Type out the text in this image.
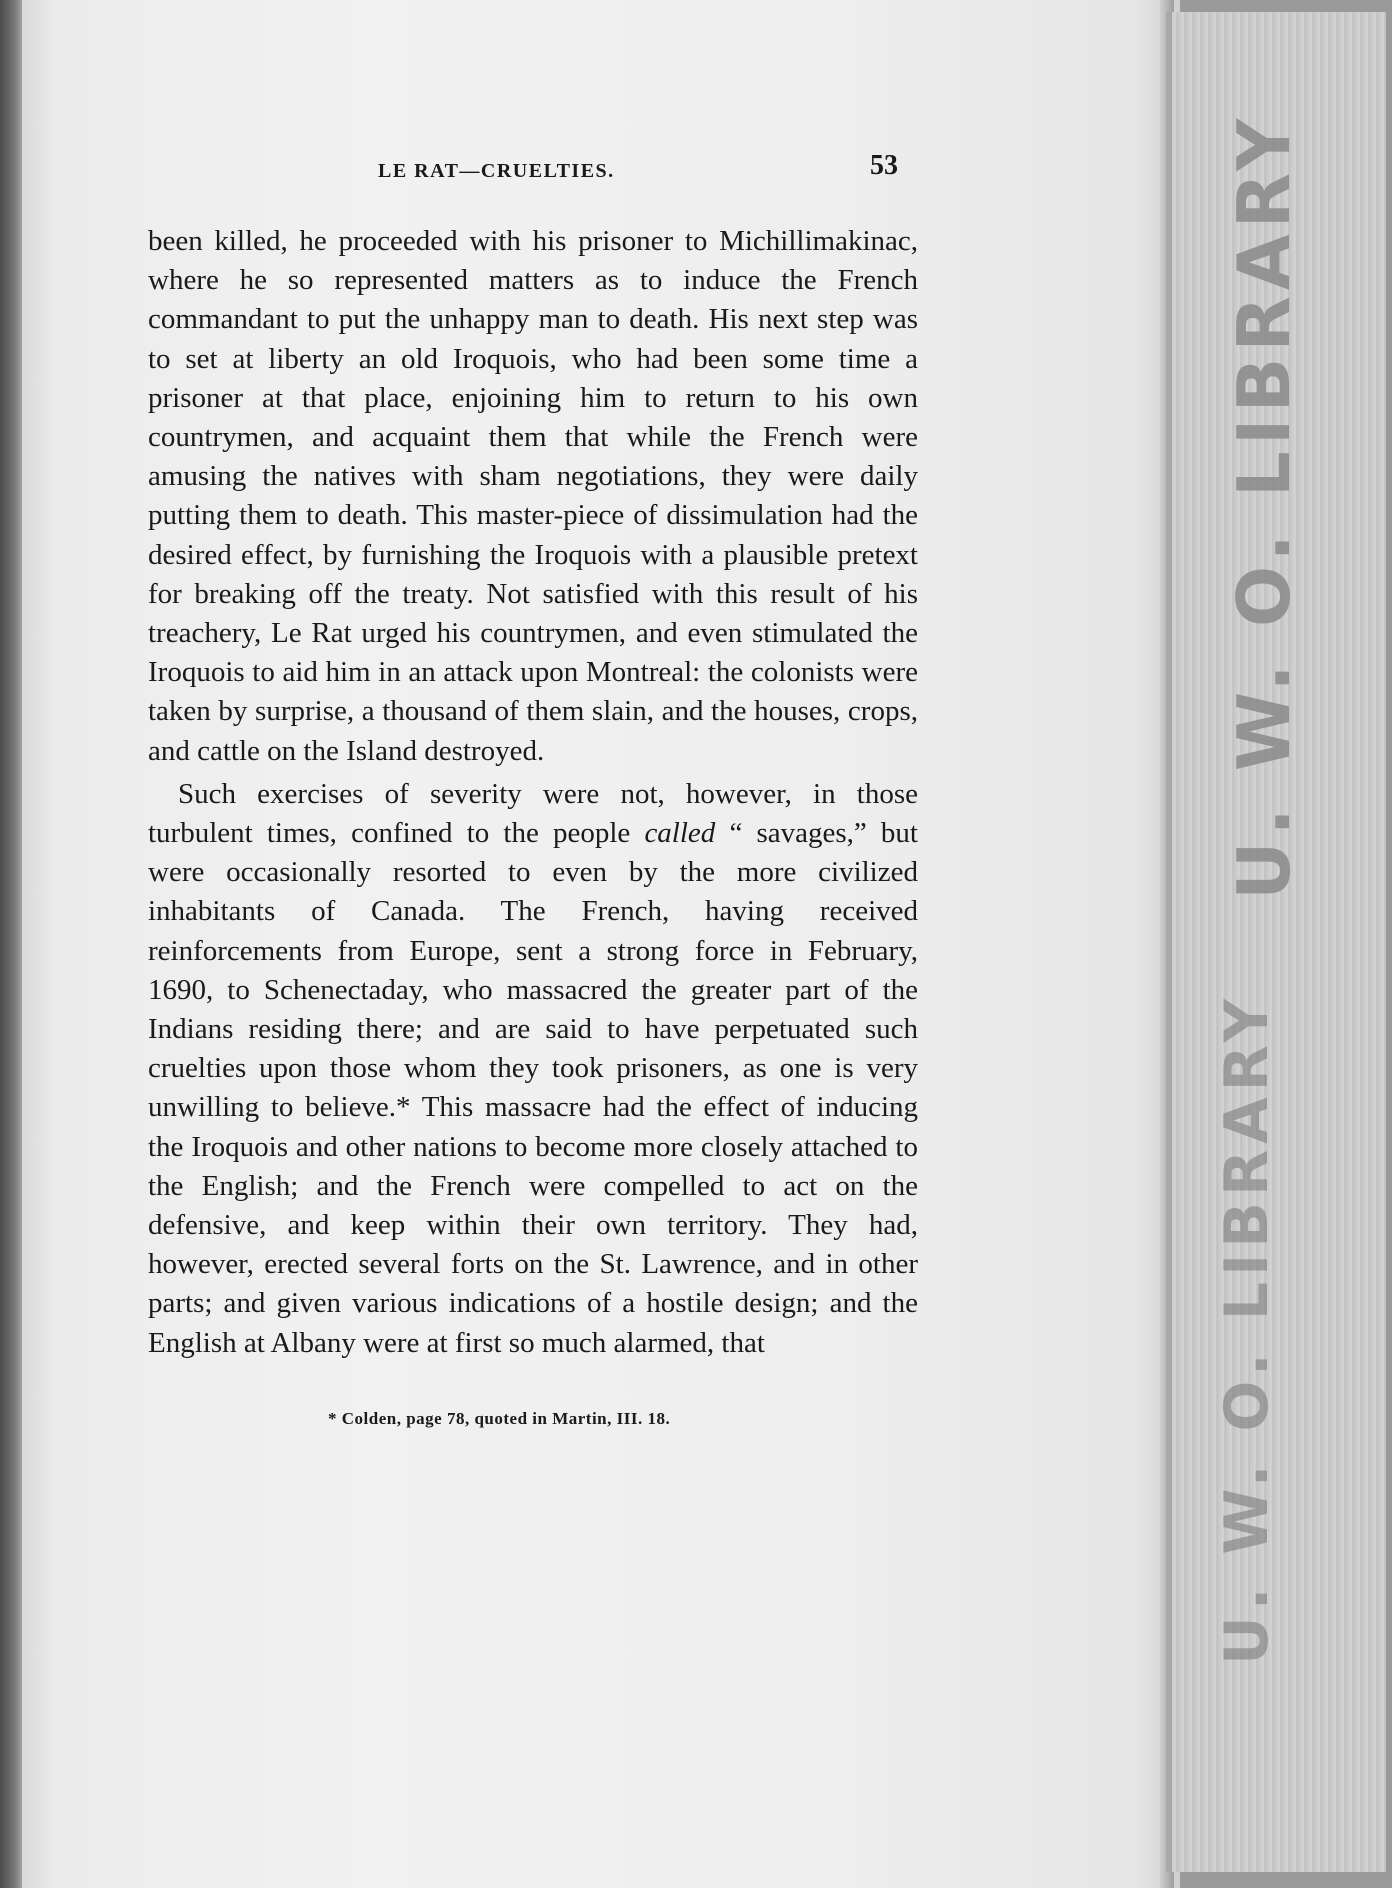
U. W. O. LIBRARY
U. W. O. LIBRARY
LE RAT—CRUELTIES.	53

been killed, he proceeded with his prisoner to Michillimakinac, where he so represented matters as to induce the French commandant to put the unhappy man to death. His next step was to set at liberty an old Iroquois, who had been some time a prisoner at that place, enjoining him to return to his own countrymen, and acquaint them that while the French were amusing the natives with sham negotiations, they were daily putting them to death. This master-piece of dissimulation had the desired effect, by furnishing the Iroquois with a plausible pretext for breaking off the treaty. Not satisfied with this result of his treachery, Le Rat urged his countrymen, and even stimulated the Iroquois to aid him in an attack upon Montreal: the colonists were taken by surprise, a thousand of them slain, and the houses, crops, and cattle on the Island destroyed.

Such exercises of severity were not, however, in those turbulent times, confined to the people called “ savages,” but were occasionally resorted to even by the more civilized inhabitants of Canada. The French, having received reinforcements from Europe, sent a strong force in February, 1690, to Schenectaday, who massacred the greater part of the Indians residing there; and are said to have perpetuated such cruelties upon those whom they took prisoners, as one is very unwilling to believe.* This massacre had the effect of inducing the Iroquois and other nations to become more closely attached to the English; and the French were compelled to act on the defensive, and keep within their own territory. They had, however, erected several forts on the St. Lawrence, and in other parts; and given various indications of a hostile design; and the English at Albany were at first so much alarmed, that

* Colden, page 78, quoted in Martin, III. 18.
